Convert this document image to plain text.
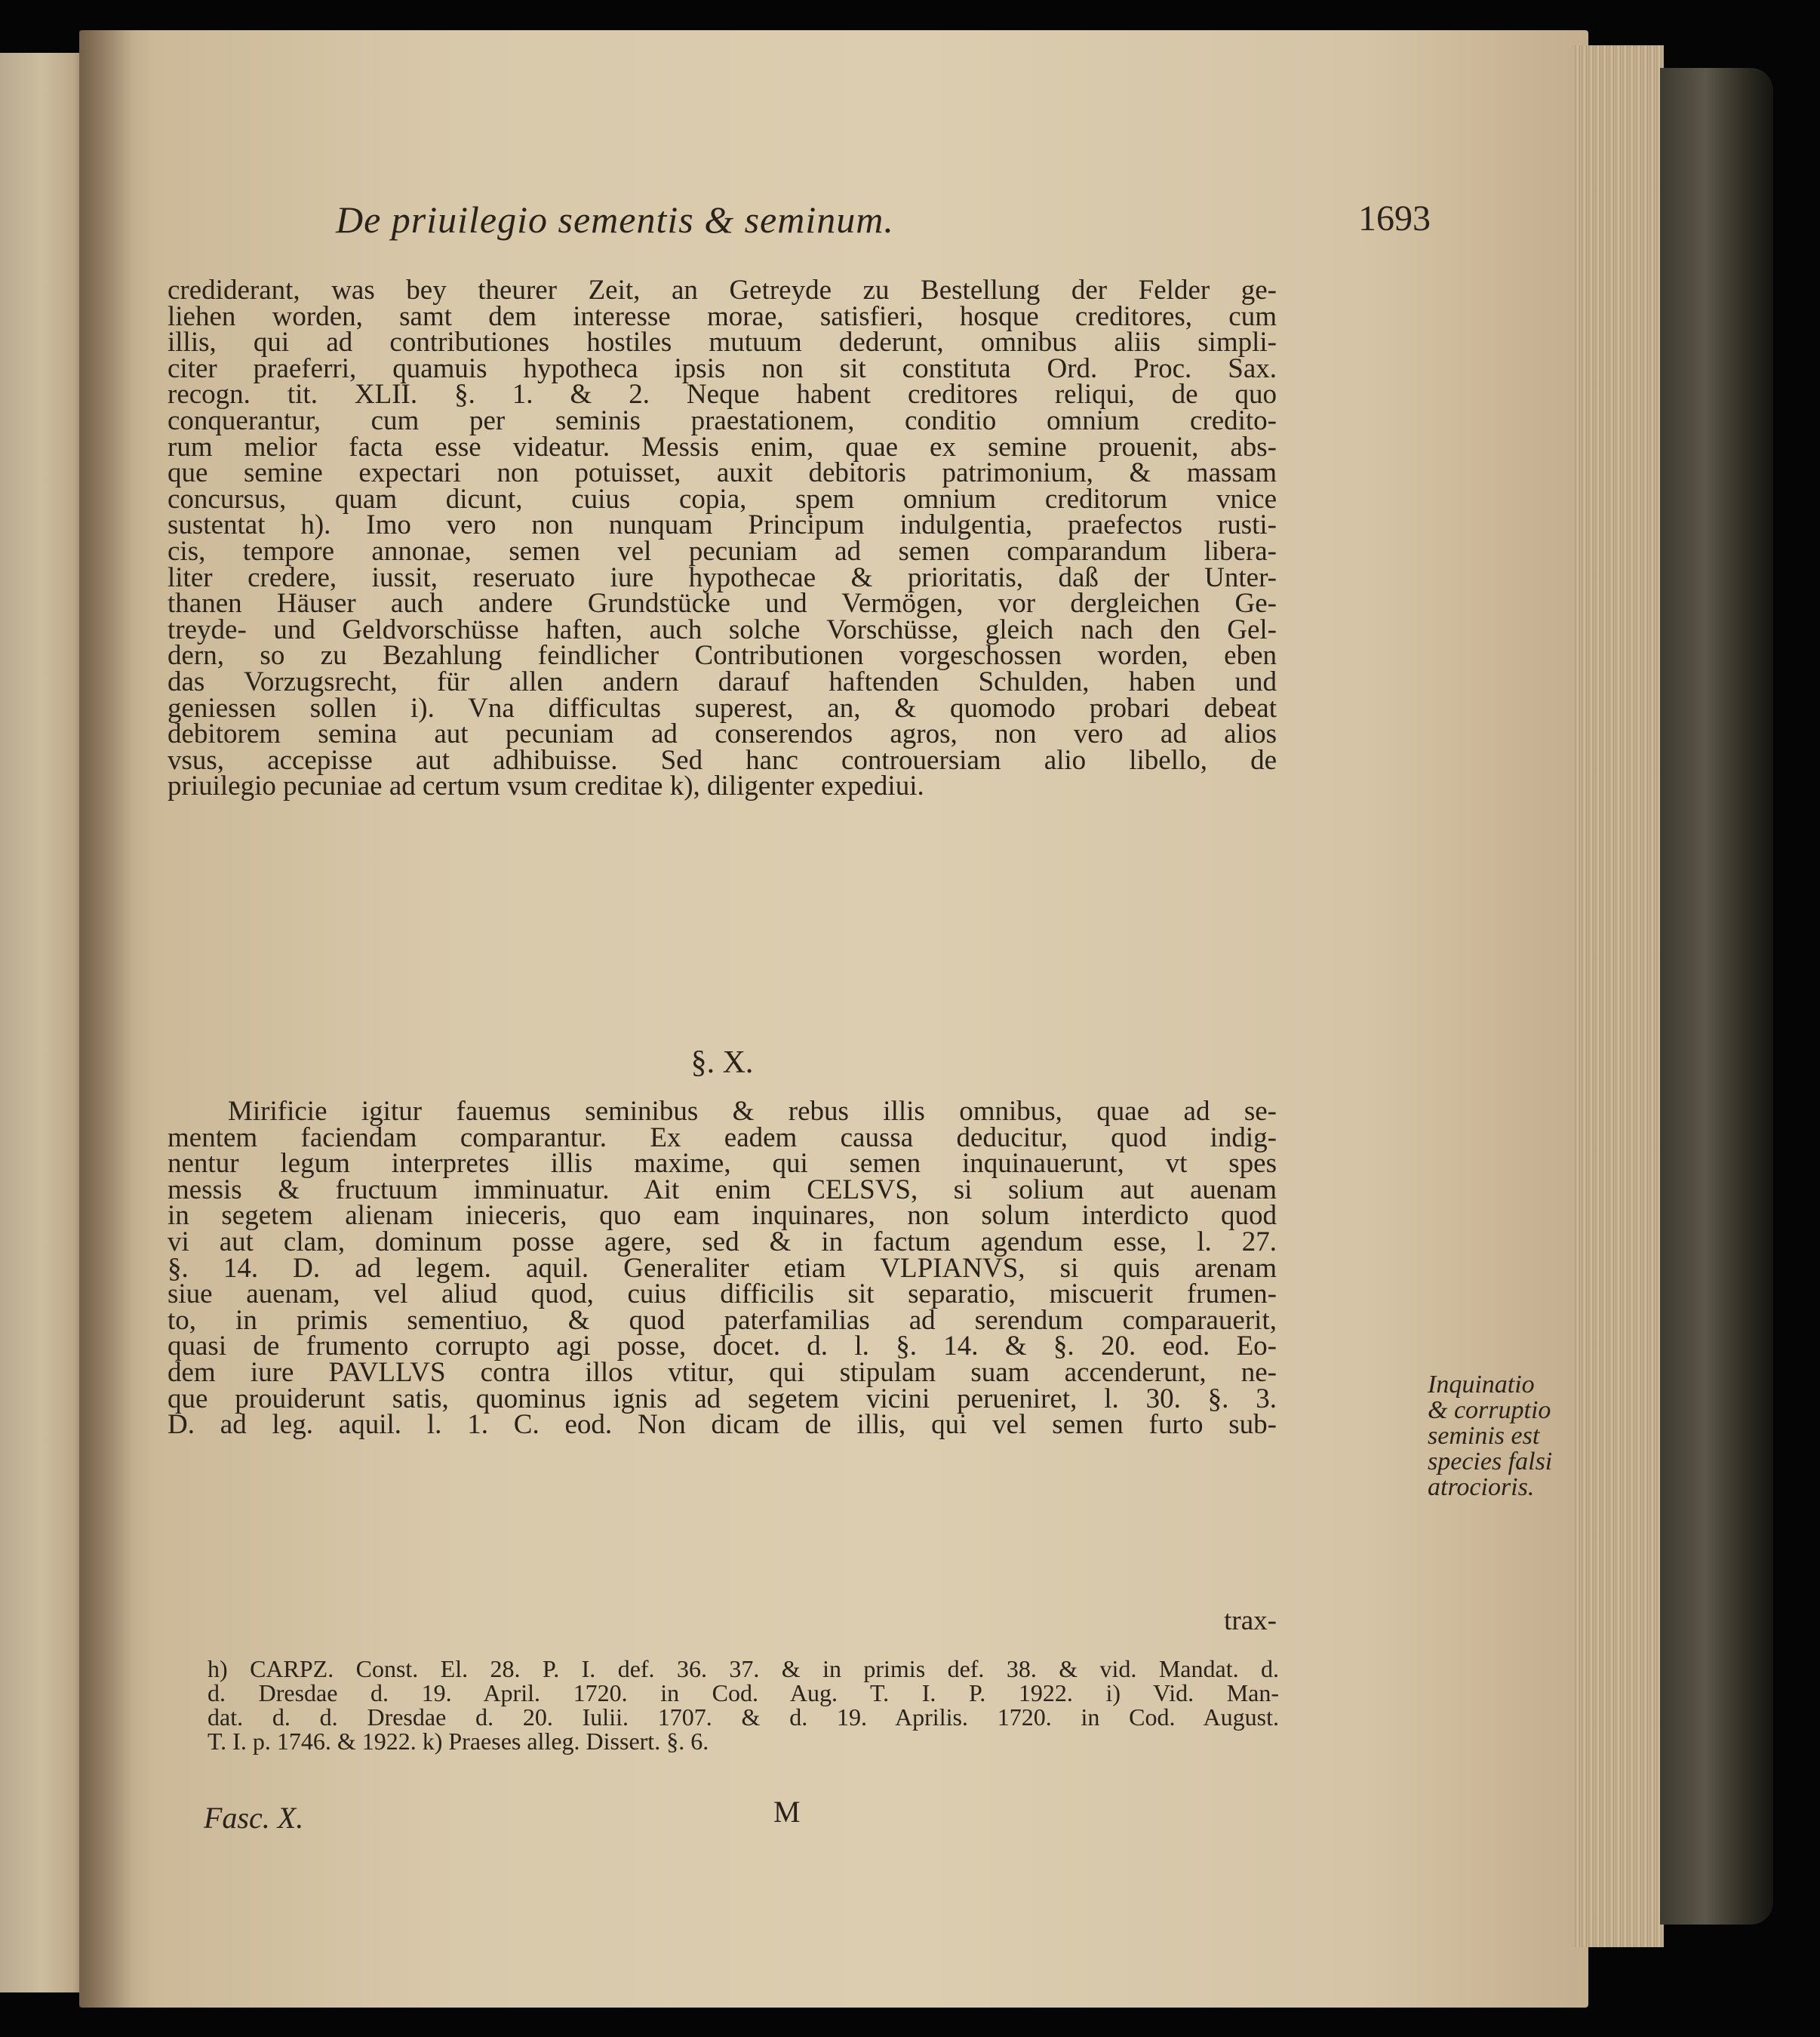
De priuilegio sementis & seminum.	1693
crediderant, was bey theurer Zeit, an Getreyde zu Bestellung der Felder ge-
liehen worden, samt dem interesse morae, satisfieri, hosque creditores, cum
illis, qui ad contributiones hostiles mutuum dederunt, omnibus aliis simpli-
citer praeferri, quamuis hypotheca ipsis non sit constituta Ord. Proc. Sax.
recogn. tit. XLII. §. 1. & 2. Neque habent creditores reliqui, de quo
conquerantur, cum per seminis praestationem, conditio omnium credito-
rum melior facta esse videatur. Messis enim, quae ex semine prouenit, abs-
que semine expectari non potuisset, auxit debitoris patrimonium, & massam
concursus, quam dicunt, cuius copia, spem omnium creditorum vnice
sustentat h). Imo vero non nunquam Principum indulgentia, praefectos rusti-
cis, tempore annonae, semen vel pecuniam ad semen comparandum libera-
liter credere, iussit, reseruato iure hypothecae & prioritatis, daß der Unter-
thanen Häuser auch andere Grundstücke und Vermögen, vor dergleichen Ge-
treyde- und Geldvorschüsse haften, auch solche Vorschüsse, gleich nach den Gel-
dern, so zu Bezahlung feindlicher Contributionen vorgeschossen worden, eben
das Vorzugsrecht, für allen andern darauf haftenden Schulden, haben und
geniessen sollen i). Vna difficultas superest, an, & quomodo probari debeat
debitorem semina aut pecuniam ad conserendos agros, non vero ad alios
vsus, accepisse aut adhibuisse. Sed hanc controuersiam alio libello, de
priuilegio pecuniae ad certum vsum creditae k), diligenter expediui.
§. X.
Mirificie igitur fauemus seminibus & rebus illis omnibus, quae ad se-
mentem faciendam comparantur. Ex eadem caussa deducitur, quod indig-
nentur legum interpretes illis maxime, qui semen inquinauerunt, vt spes
messis & fructuum imminuatur. Ait enim CELSVS, si solium aut auenam
in segetem alienam inieceris, quo eam inquinares, non solum interdicto quod
vi aut clam, dominum posse agere, sed & in factum agendum esse, l. 27.
§. 14. D. ad legem. aquil. Generaliter etiam VLPIANVS, si quis arenam
siue auenam, vel aliud quod, cuius difficilis sit separatio, miscuerit frumen-
to, in primis sementiuo, & quod paterfamilias ad serendum comparauerit,
quasi de frumento corrupto agi posse, docet. d. l. §. 14. & §. 20. eod. Eo-
dem iure PAVLLVS contra illos vtitur, qui stipulam suam accenderunt, ne-
que prouiderunt satis, quominus ignis ad segetem vicini perueniret, l. 30. §. 3.
D. ad leg. aquil. l. 1. C. eod. Non dicam de illis, qui vel semen furto sub-
trax-
Inquinatio
& corruptio
seminis est
species falsi
atrocioris.
h) CARPZ. Const. El. 28. P. I. def. 36. 37. & in primis def. 38. & vid. Mandat. d.
d. Dresdae d. 19. April. 1720. in Cod. Aug. T. I. P. 1922. i) Vid. Man-
dat. d. d. Dresdae d. 20. Iulii. 1707. & d. 19. Aprilis. 1720. in Cod. August.
T. I. p. 1746. & 1922. k) Praeses alleg. Dissert. §. 6.
Fasc. X.	M
